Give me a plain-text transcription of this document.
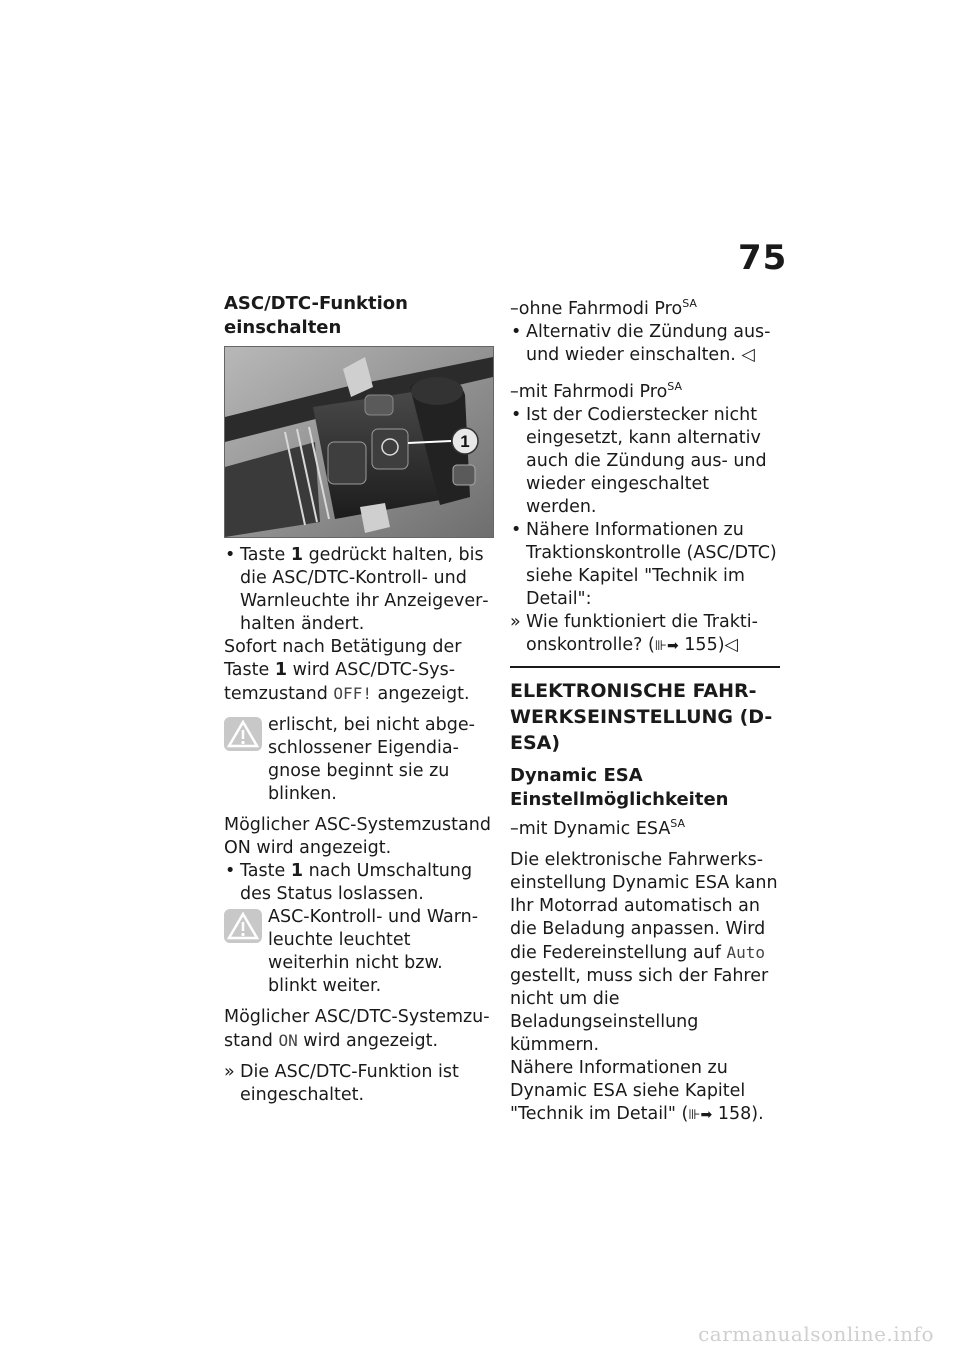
75
ASC/DTC-Funktion einschalten
1
• Taste 1 gedrückt halten, bis die ASC/DTC-Kontroll- und Warnleuchte ihr Anzeigeverhalten ändert.
Sofort nach Betätigung der Taste 1 wird ASC/DTC-Systemzustand OFF! angezeigt.
erlischt, bei nicht abgeschlossener Eigendiagnose beginnt sie zu blinken.
Möglicher ASC-Systemzustand ON wird angezeigt.
• Taste 1 nach Umschaltung des Status loslassen.
ASC-Kontroll- und Warnleuchte leuchtet weiterhin nicht bzw. blinkt weiter.
Möglicher ASC/DTC-Systemzustand ON wird angezeigt.
» Die ASC/DTC-Funktion ist eingeschaltet.
–ohne Fahrmodi Pro$^{SA}$
• Alternativ die Zündung aus- und wieder einschalten. ◁
–mit Fahrmodi Pro$^{SA}$
• Ist der Codierstecker nicht eingesetzt, kann alternativ auch die Zündung aus- und wieder eingeschaltet werden.
• Nähere Informationen zu Traktionskontrolle (ASC/DTC) siehe Kapitel "Technik im Detail":
» Wie funktioniert die Traktionskontrolle? (⊪➡ 155)◁
ELEKTRONISCHE FAHRWERKSEINSTELLUNG (D-ESA)
Dynamic ESA Einstellmöglichkeiten
–mit Dynamic $ESA^{SA}$
Die elektronische Fahrwerkseinstellung Dynamic ESA kann Ihr Motorrad automatisch an die Beladung anpassen. Wird die Federeinstellung auf Auto gestellt, muss sich der Fahrer nicht um die Beladungseinstellung kümmern.
Nähere Informationen zu Dynamic ESA siehe Kapitel "Technik im Detail" (⊪➡ 158).
carmanualsonline.info
